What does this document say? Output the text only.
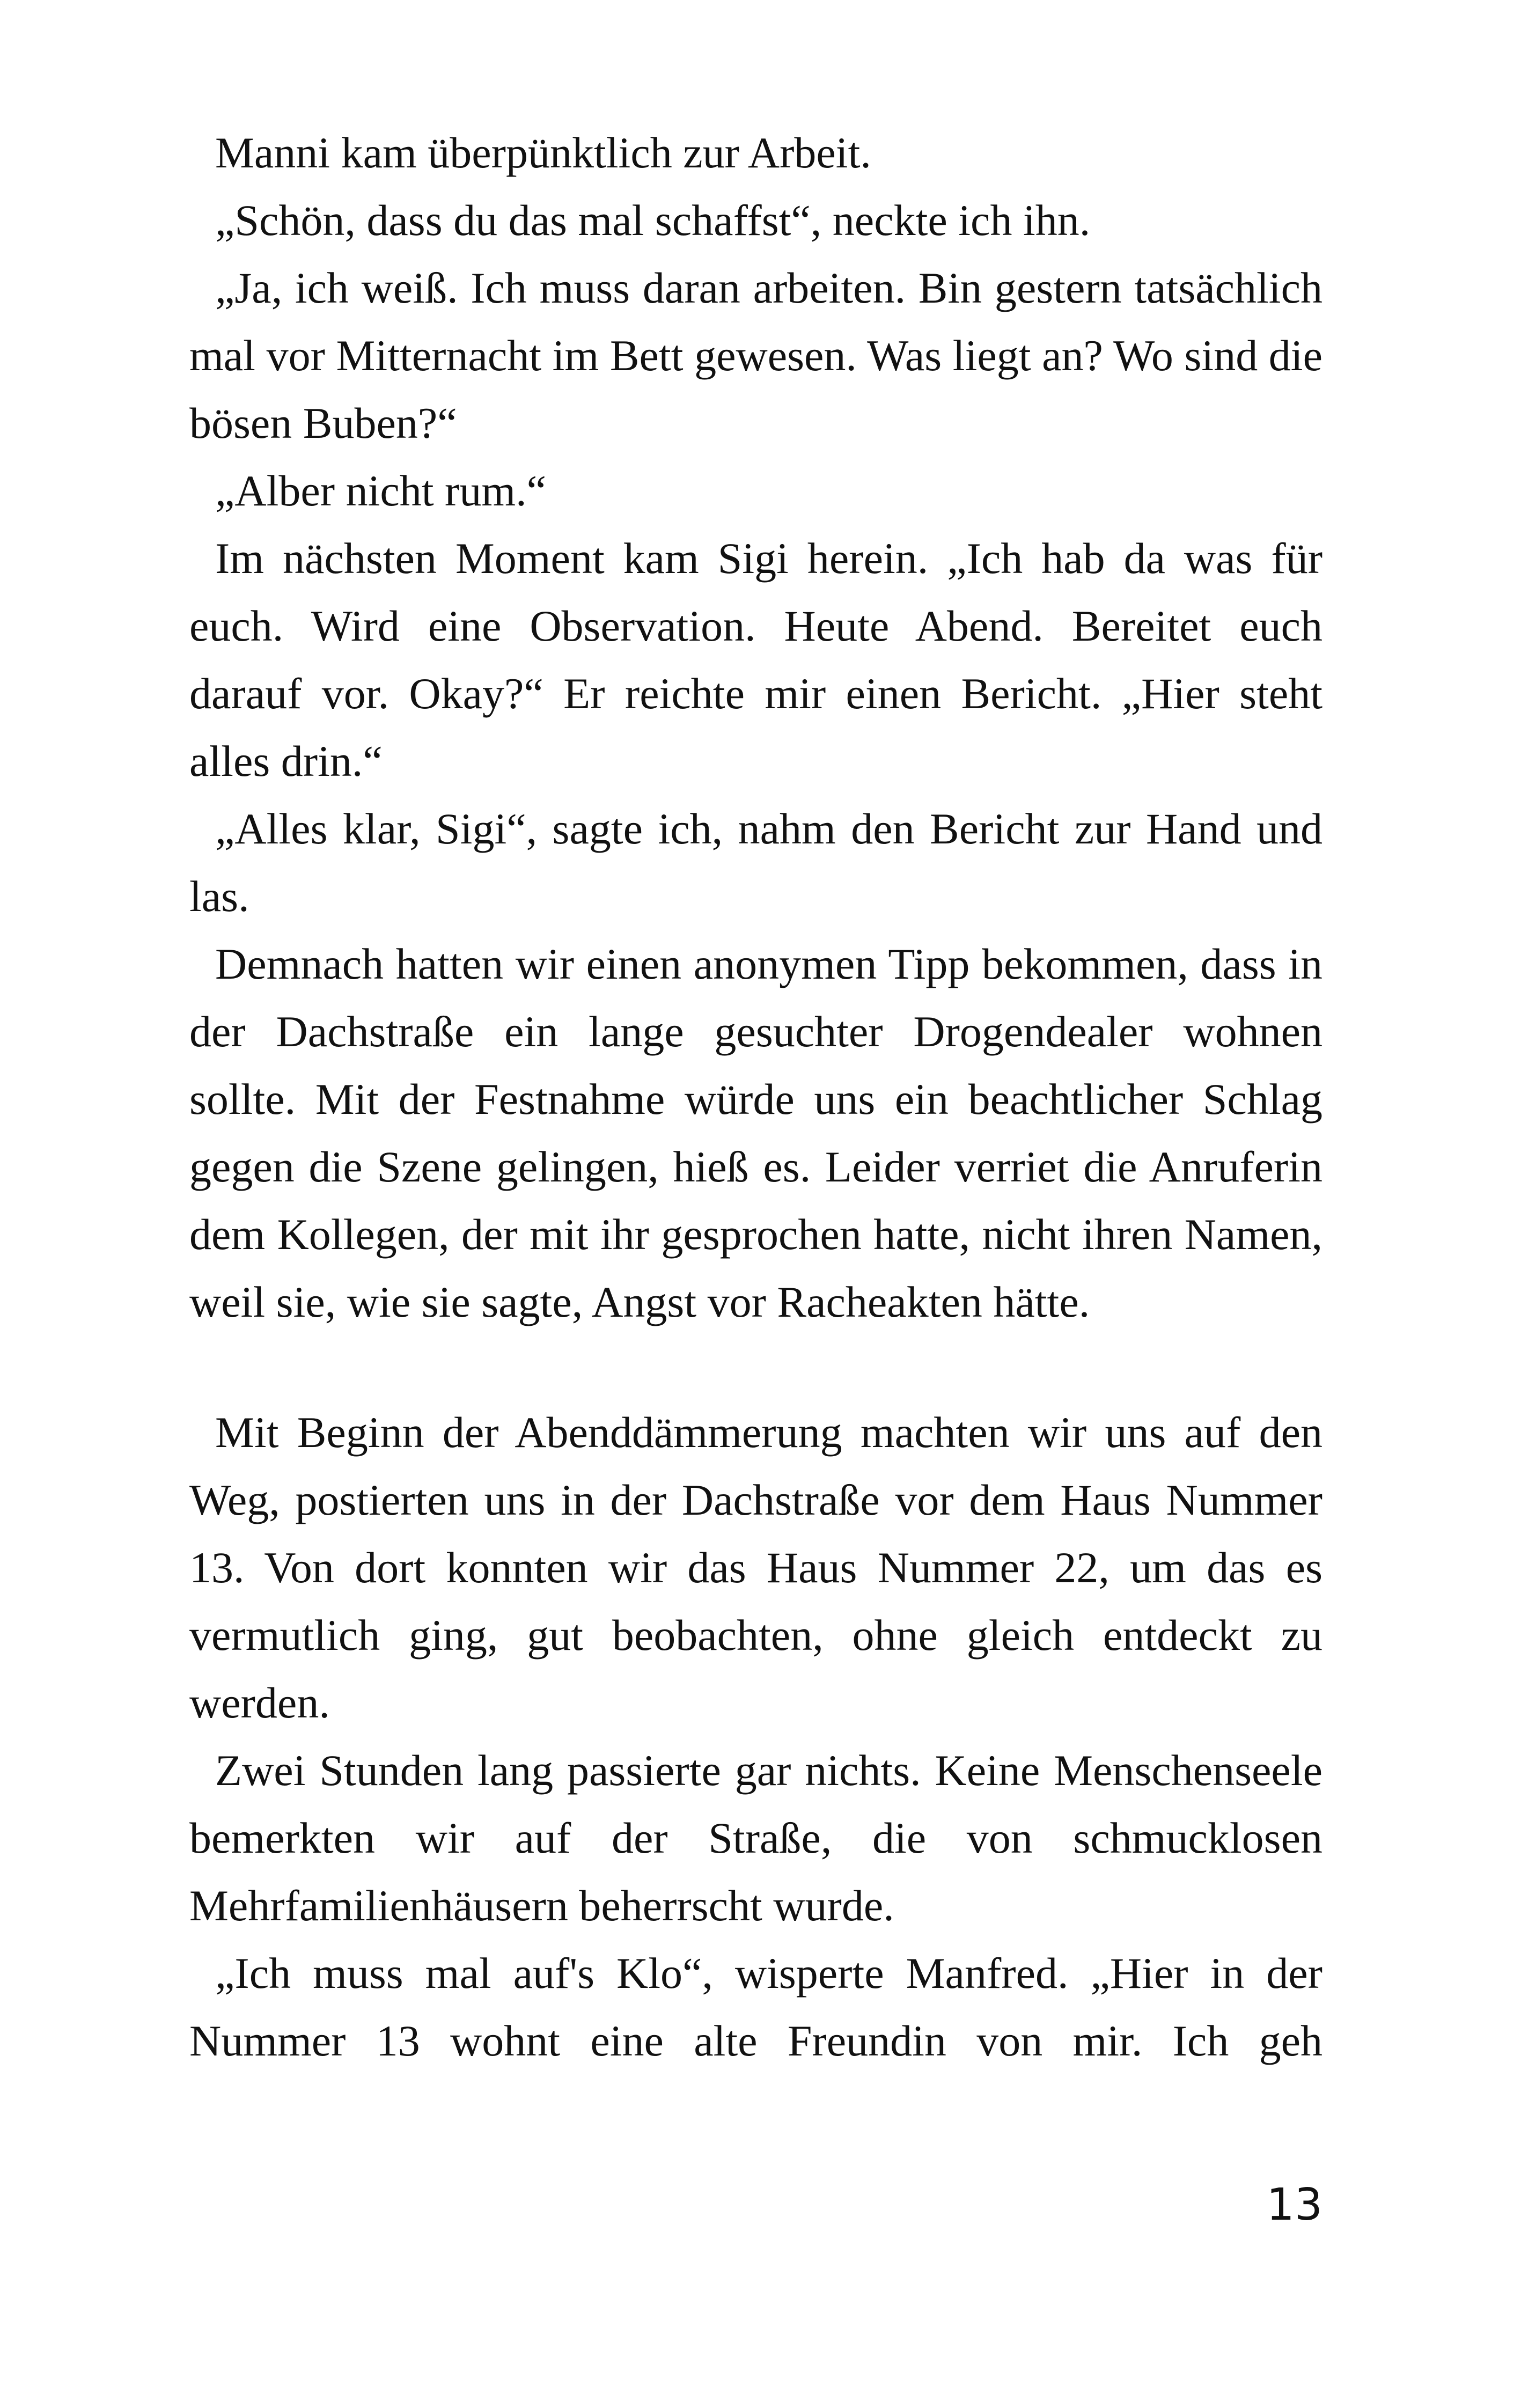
Manni kam überpünktlich zur Arbeit.

„Schön, dass du das mal schaffst“, neckte ich ihn.

„Ja, ich weiß. Ich muss daran arbeiten. Bin gestern tatsächlich mal vor Mitternacht im Bett gewesen. Was liegt an? Wo sind die bösen Buben?“

„Alber nicht rum.“

Im nächsten Moment kam Sigi herein. „Ich hab da was für euch. Wird eine Observation. Heute Abend. Bereitet euch darauf vor. Okay?“ Er reichte mir einen Bericht. „Hier steht alles drin.“

„Alles klar, Sigi“, sagte ich, nahm den Bericht zur Hand und las.

Demnach hatten wir einen anonymen Tipp bekommen, dass in der Dachstraße ein lange gesuchter Drogendealer wohnen sollte. Mit der Festnahme würde uns ein beachtlicher Schlag gegen die Szene gelingen, hieß es. Leider verriet die Anruferin dem Kollegen, der mit ihr gesprochen hatte, nicht ihren Namen, weil sie, wie sie sagte, Angst vor Racheakten hätte.

Mit Beginn der Abenddämmerung machten wir uns auf den Weg, postierten uns in der Dachstraße vor dem Haus Nummer 13. Von dort konnten wir das Haus Nummer 22, um das es vermutlich ging, gut beobachten, ohne gleich entdeckt zu werden.

Zwei Stunden lang passierte gar nichts. Keine Menschenseele bemerkten wir auf der Straße, die von schmucklosen Mehrfamilienhäusern beherrscht wurde.

„Ich muss mal auf's Klo“, wisperte Manfred. „Hier in der Nummer 13 wohnt eine alte Freundin von mir. Ich geh

13
